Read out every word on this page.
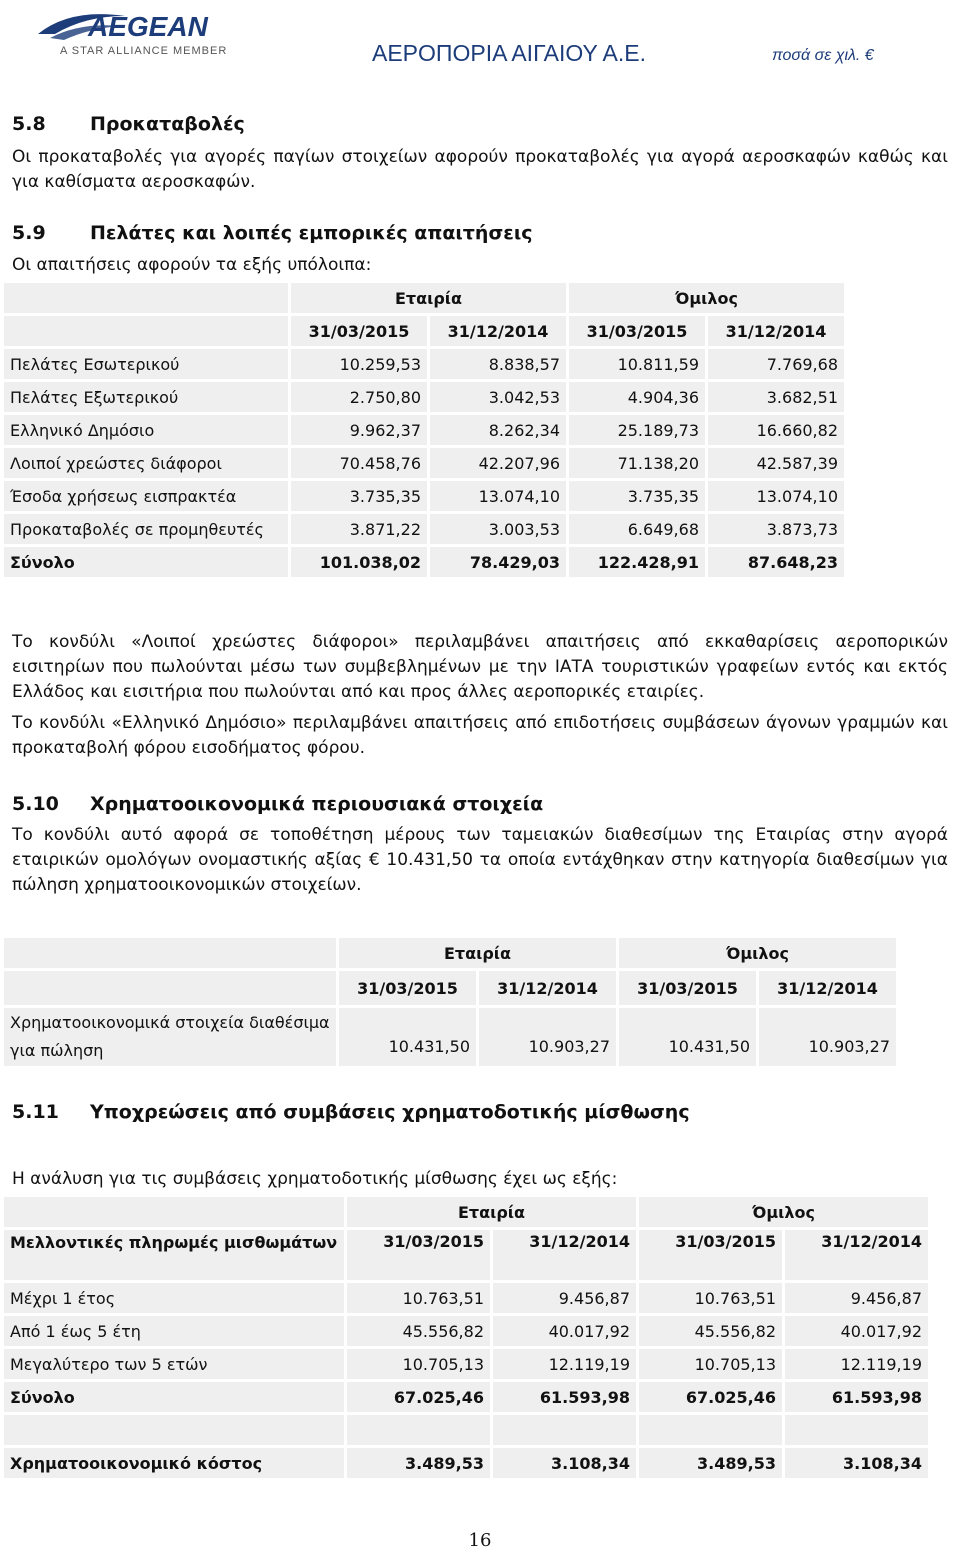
AEGEAN
A STAR ALLIANCE MEMBER	ΑΕΡΟΠΟΡΙΑ ΑΙΓΑΙΟΥ Α.Ε.	ποσά σε χιλ. €
5.8 Προκαταβολές

Οι προκαταβολές για αγορές παγίων στοιχείων αφορούν προκαταβολές για αγορά αεροσκαφών καθώς και για καθίσματα αεροσκαφών.

5.9 Πελάτες και λοιπές εμπορικές απαιτήσεις

Οι απαιτήσεις αφορούν τα εξής υπόλοιπα:

	Εταιρία		Όμιλος	
	31/03/2015	31/12/2014	31/03/2015	31/12/2014
Πελάτες Εσωτερικού	10.259,53	8.838,57	10.811,59	7.769,68
Πελάτες Εξωτερικού	2.750,80	3.042,53	4.904,36	3.682,51
Ελληνικό Δημόσιο	9.962,37	8.262,34	25.189,73	16.660,82
Λοιποί χρεώστες διάφοροι	70.458,76	42.207,96	71.138,20	42.587,39
Έσοδα χρήσεως εισπρακτέα	3.735,35	13.074,10	3.735,35	13.074,10
Προκαταβολές σε προμηθευτές	3.871,22	3.003,53	6.649,68	3.873,73
Σύνολο	101.038,02	78.429,03	122.428,91	87.648,23

Το κονδύλι «Λοιποί χρεώστες διάφοροι» περιλαμβάνει απαιτήσεις από εκκαθαρίσεις αεροπορικών εισιτηρίων που πωλούνται μέσω των συμβεβλημένων με την ΙΑΤΑ τουριστικών γραφείων εντός και εκτός Ελλάδος και εισιτήρια που πωλούνται από και προς άλλες αεροπορικές εταιρίες.

Το κονδύλι «Ελληνικό Δημόσιο» περιλαμβάνει απαιτήσεις από επιδοτήσεις συμβάσεων άγονων γραμμών και προκαταβολή φόρου εισοδήματος φόρου.

5.10 Χρηματοοικονομικά περιουσιακά στοιχεία

Το κονδύλι αυτό αφορά σε τοποθέτηση μέρους των ταμειακών διαθεσίμων της Εταιρίας στην αγορά εταιρικών ομολόγων ονομαστικής αξίας € 10.431,50 τα οποία εντάχθηκαν στην κατηγορία διαθεσίμων για πώληση χρηματοοικονομικών στοιχείων.

	Εταιρία		Όμιλος	
	31/03/2015	31/12/2014	31/03/2015	31/12/2014
Χρηματοοικονομικά στοιχεία διαθέσιμα για πώληση	10.431,50	10.903,27	10.431,50	10.903,27
5.11 Υποχρεώσεις από συμβάσεις χρηματοδοτικής μίσθωσης

Η ανάλυση για τις συμβάσεις χρηματοδοτικής μίσθωσης έχει ως εξής:

	Εταιρία		Όμιλος	
Μελλοντικές πληρωμές μισθωμάτων	31/03/2015	31/12/2014	31/03/2015	31/12/2014
Μέχρι 1 έτος	10.763,51	9.456,87	10.763,51	9.456,87
Από 1 έως 5 έτη	45.556,82	40.017,92	45.556,82	40.017,92
Μεγαλύτερο των 5 ετών	10.705,13	12.119,19	10.705,13	12.119,19
Σύνολο	67.025,46	61.593,98	67.025,46	61.593,98

Χρηματοοικονομικό κόστος	3.489,53	3.108,34	3.489,53	3.108,34
16
